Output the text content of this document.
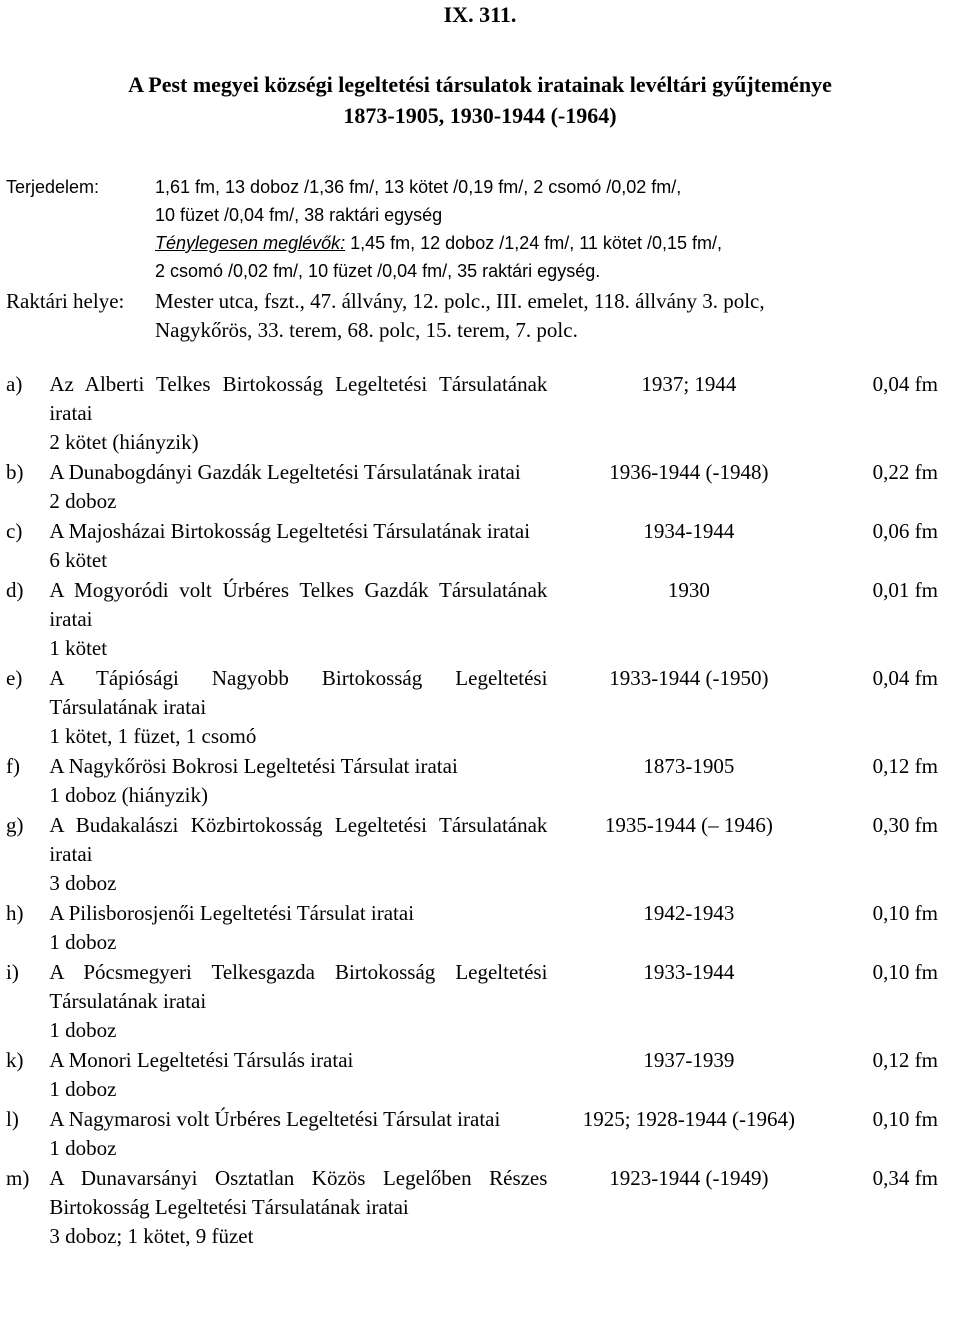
IX. 311.
A Pest megyei községi legeltetési társulatok iratainak levéltári gyűjteménye
1873-1905, 1930-1944 (-1964)
Terjedelem:	1,61 fm, 13 doboz /1,36 fm/, 13 kötet /0,19 fm/, 2 csomó /0,02 fm/,
10 füzet /0,04 fm/, 38 raktári egység
Ténylegesen meglévők: 1,45 fm, 12 doboz /1,24 fm/, 11 kötet /0,15 fm/,
2 csomó /0,02 fm/, 10 füzet /0,04 fm/, 35 raktári egység.
Raktári helye: Mester utca, fszt., 47. állvány, 12. polc., III. emelet, 118. állvány 3. polc,
Nagykőrös, 33. terem, 68. polc, 15. terem, 7. polc.
a)	Az Alberti Telkes Birtokosság Legeltetési Társulatának iratai
2 kötet (hiányzik)	1937; 1944	0,04 fm
b)	A Dunabogdányi Gazdák Legeltetési Társulatának iratai
2 doboz	1936-1944 (-1948)	0,22 fm
c)	A Majosházai Birtokosság Legeltetési Társulatának iratai
6 kötet	1934-1944	0,06 fm
d)	A Mogyoródi volt Úrbéres Telkes Gazdák Társulatának iratai
1 kötet	1930	0,01 fm
e)	A Tápiósági Nagyobb Birtokosság Legeltetési Társulatának iratai
1 kötet, 1 füzet, 1 csomó	1933-1944 (-1950)	0,04 fm
f)	A Nagykőrösi Bokrosi Legeltetési Társulat iratai
1 doboz (hiányzik)	1873-1905	0,12 fm
g)	A Budakalászi Közbirtokosság Legeltetési Társulatának iratai
3 doboz	1935-1944 (– 1946)	0,30 fm
h)	A Pilisborosjenői Legeltetési Társulat iratai
1 doboz	1942-1943	0,10 fm
i)	A Pócsmegyeri Telkesgazda Birtokosság Legeltetési Társulatának iratai
1 doboz	1933-1944	0,10 fm
k)	A Monori Legeltetési Társulás iratai
1 doboz	1937-1939	0,12 fm
l)	A Nagymarosi volt Úrbéres Legeltetési Társulat iratai
1 doboz	1925; 1928-1944 (-1964)	0,10 fm
m)	A Dunavarsányi Osztatlan Közös Legelőben Részes Birtokosság Legeltetési Társulatának iratai
3 doboz; 1 kötet, 9 füzet	1923-1944 (-1949)	0,34 fm
